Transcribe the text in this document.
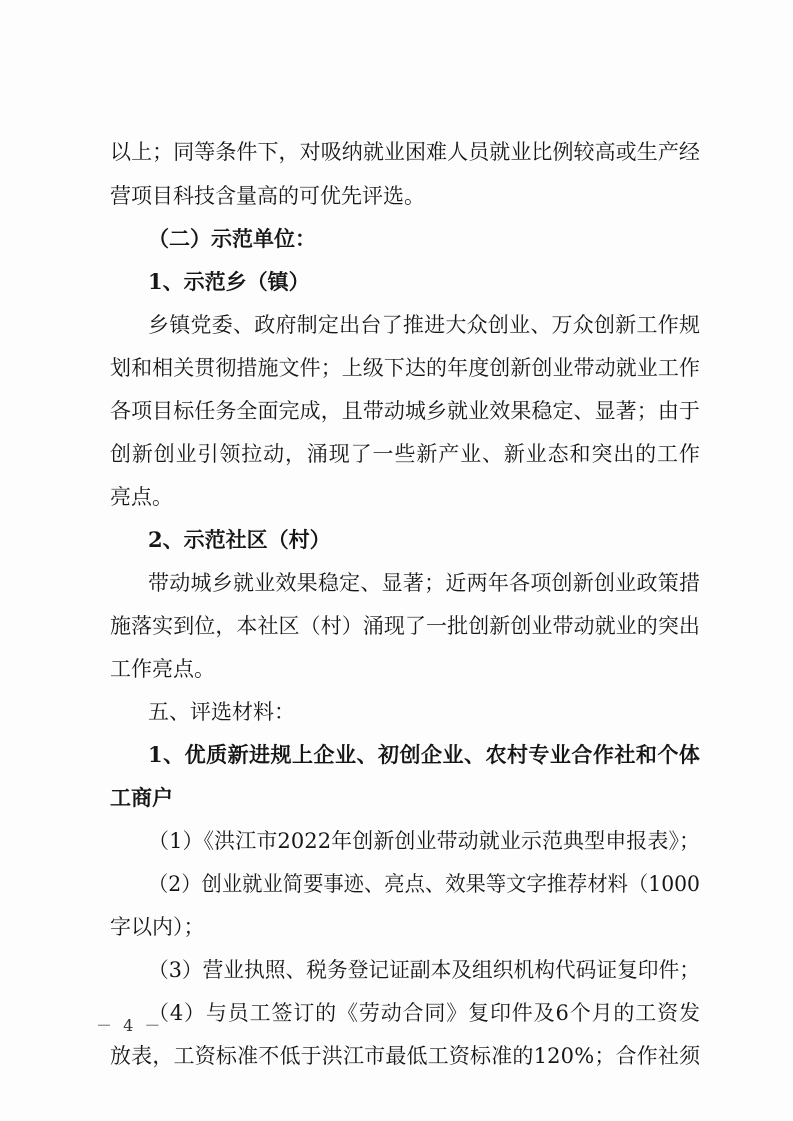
以上；同等条件下，对吸纳就业困难人员就业比例较高或生产经
营项目科技含量高的可优先评选。
（二）示范单位：
1、示范乡（镇）
乡镇党委、政府制定出台了推进大众创业、万众创新工作规
划和相关贯彻措施文件；上级下达的年度创新创业带动就业工作
各项目标任务全面完成，且带动城乡就业效果稳定、显著；由于
创新创业引领拉动，涌现了一些新产业、新业态和突出的工作
亮点。
2、示范社区（村）
带动城乡就业效果稳定、显著；近两年各项创新创业政策措
施落实到位，本社区（村）涌现了一批创新创业带动就业的突出
工作亮点。
五、评选材料：
1、优质新进规上企业、初创企业、农村专业合作社和个体
工商户
（1）《洪江市2022年创新创业带动就业示范典型申报表》；
（2）创业就业简要事迹、亮点、效果等文字推荐材料（1000
字以内）；
（3）营业执照、税务登记证副本及组织机构代码证复印件；
（4）与员工签订的《劳动合同》复印件及6个月的工资发
放表，工资标准不低于洪江市最低工资标准的120%；合作社须
－ 4 －
